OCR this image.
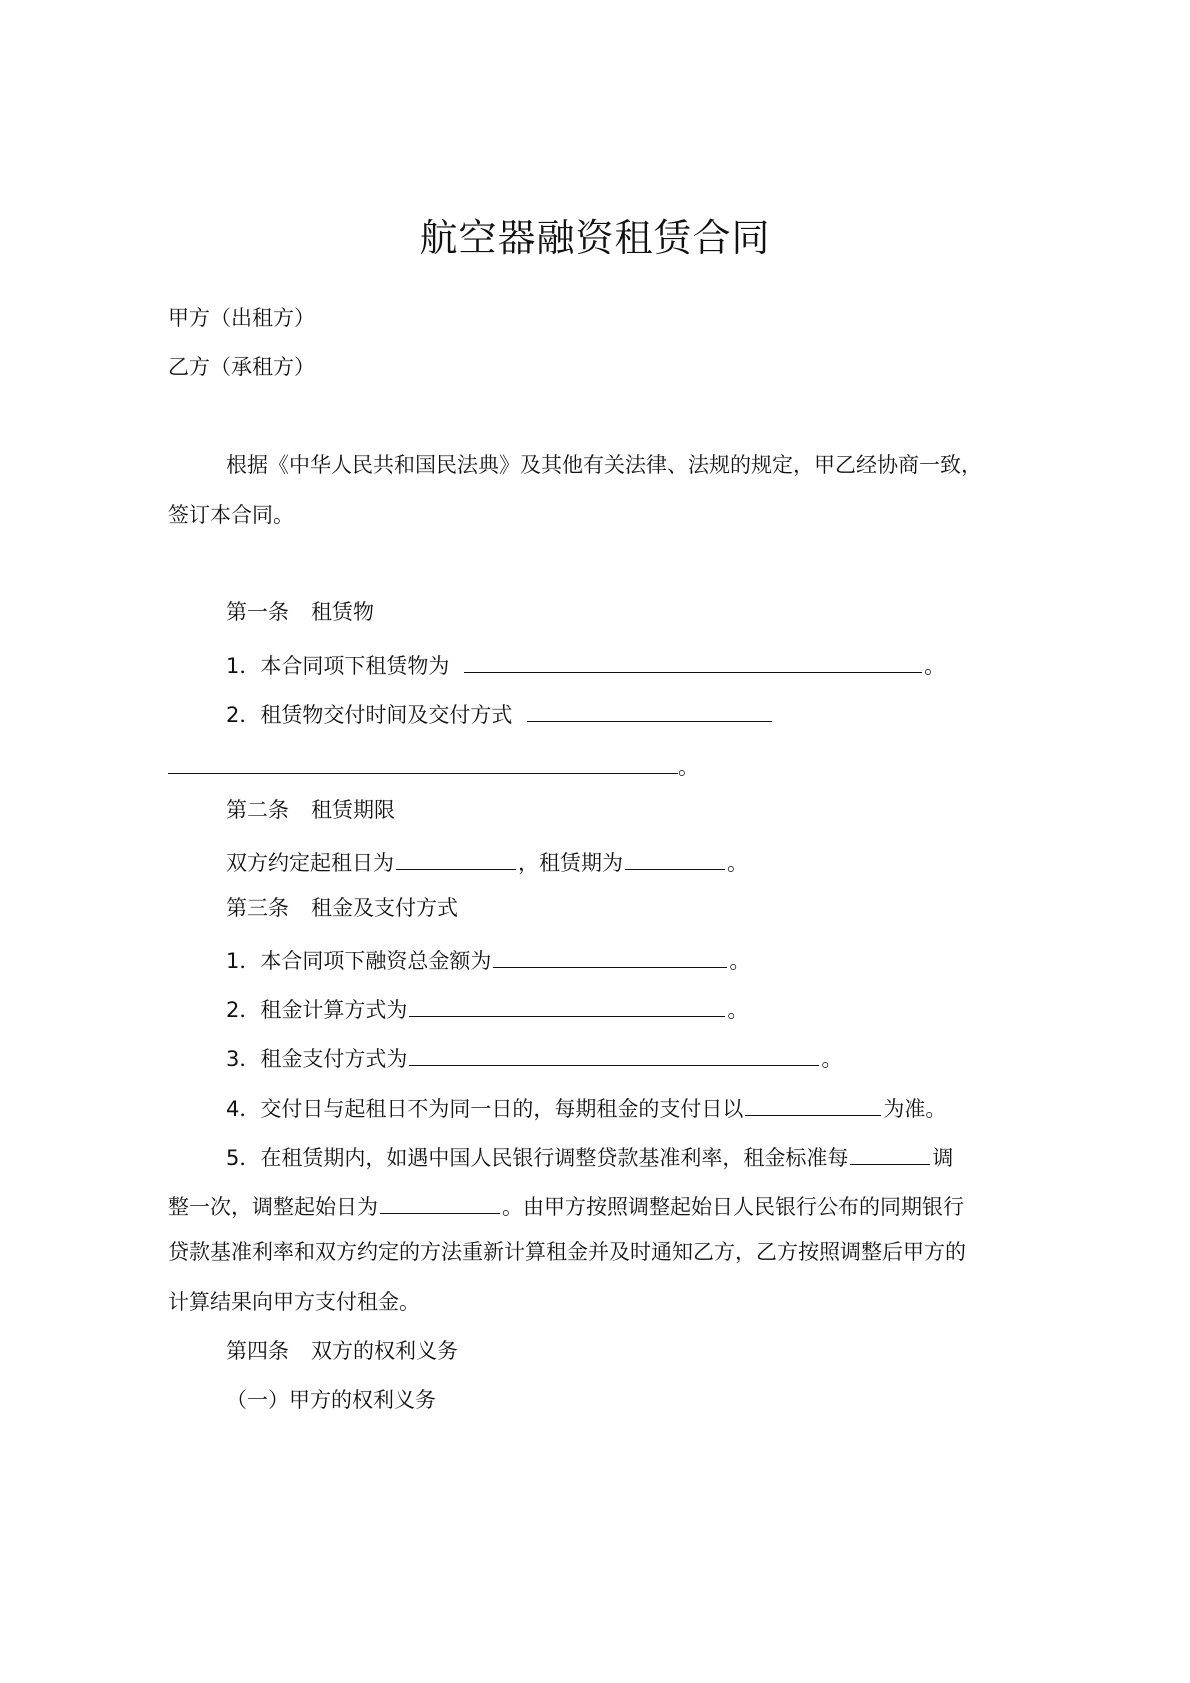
航空器融资租赁合同
甲方（出租方）
乙方（承租方）
根据《中华人民共和国民法典》及其他有关法律、法规的规定，甲乙经协商一致，
签订本合同。
第一条 租赁物
1．本合同项下租赁物为	。
2．租赁物交付时间及交付方式
。
第二条 租赁期限
双方约定起租日为	，租赁期为	。
第三条 租金及支付方式
1．本合同项下融资总金额为	。
2．租金计算方式为	。
3．租金支付方式为	。
4．交付日与起租日不为同一日的，每期租金的支付日以	为准。
5．在租赁期内，如遇中国人民银行调整贷款基准利率，租金标准每	调
整一次，调整起始日为	。由甲方按照调整起始日人民银行公布的同期银行
贷款基准利率和双方约定的方法重新计算租金并及时通知乙方，乙方按照调整后甲方的
计算结果向甲方支付租金。
第四条 双方的权利义务
（一）甲方的权利义务
